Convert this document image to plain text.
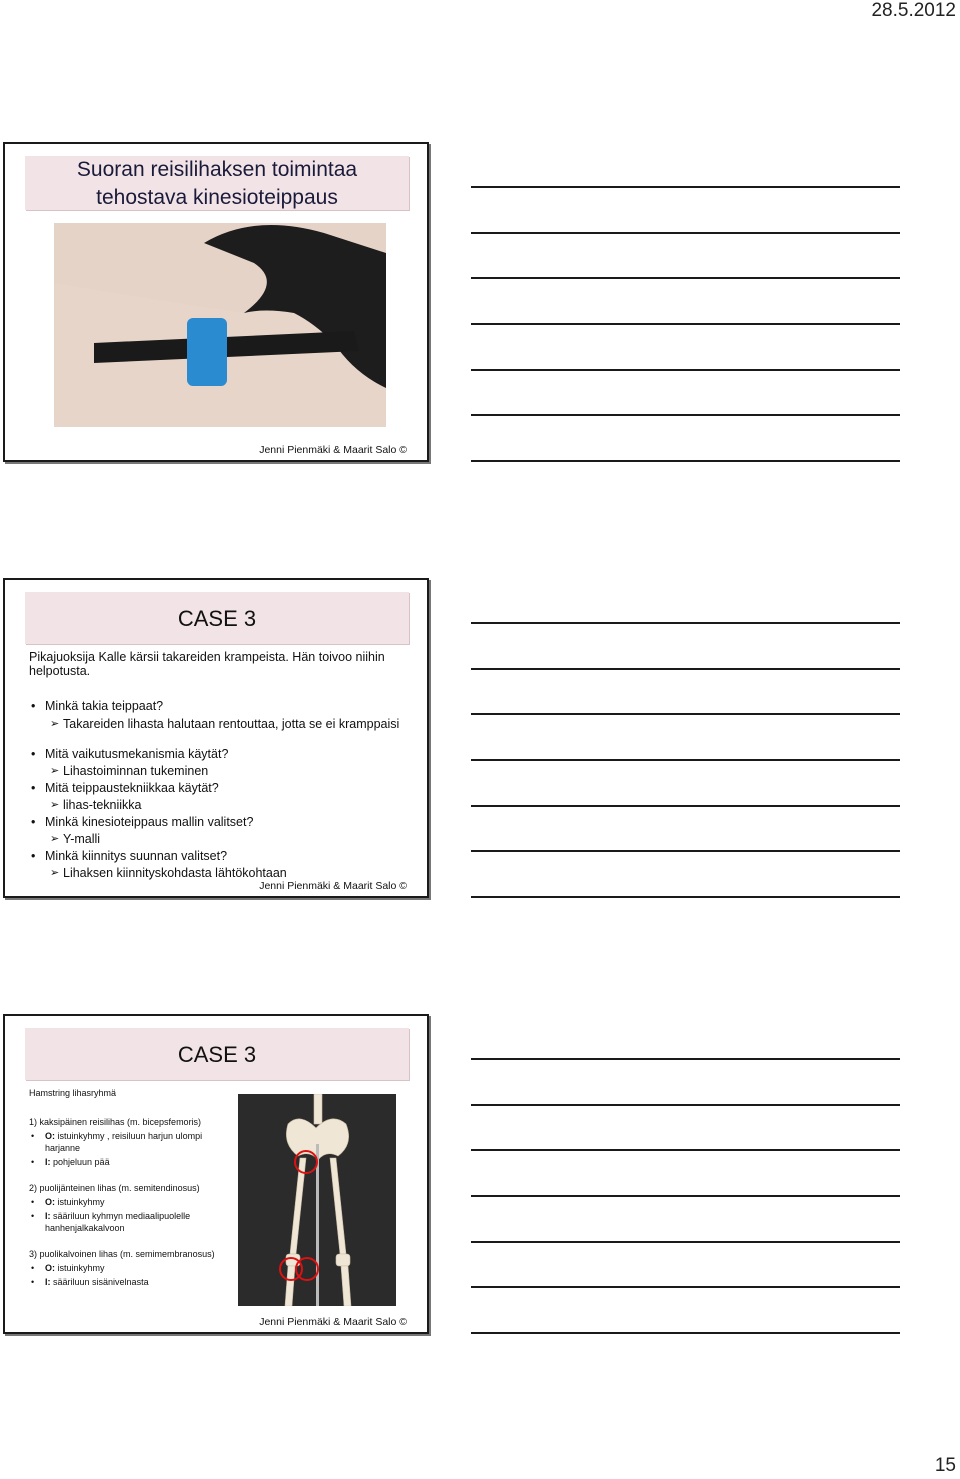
28.5.2012
Suoran reisilihaksen toimintaa
tehostava kinesioteippaus
Jenni Pienmäki & Maarit Salo ©
CASE 3
Pikajuoksija Kalle kärsii takareiden krampeista. Hän toivoo niihin helpotusta.
• Minkä takia teippaat?
➢ Takareiden lihasta halutaan rentouttaa, jotta se ei kramppaisi
• Mitä vaikutusmekanismia käytät?
➢ Lihastoiminnan tukeminen
• Mitä teippaustekniikkaa käytät?
➢ lihas-tekniikka
• Minkä kinesioteippaus mallin valitset?
➢ Y-malli
• Minkä kiinnitys suunnan valitset?
➢ Lihaksen kiinnityskohdasta lähtökohtaan
Jenni Pienmäki & Maarit Salo ©
CASE 3
Hamstring lihasryhmä
1) kaksipäinen reisilihas (m. bicepsfemoris)
• O: istuinkyhmy , reisiluun harjun ulompi harjanne
• I: pohjeluun pää
2) puolijänteinen lihas (m. semitendinosus)
• O: istuinkyhmy
• I: sääriluun kyhmyn mediaalipuolelle hanhenjalkakalvoon
3) puolikalvoinen lihas (m. semimembranosus)
• O: istuinkyhmy
• I: sääriluun sisänivelnasta
Jenni Pienmäki & Maarit Salo ©
15
